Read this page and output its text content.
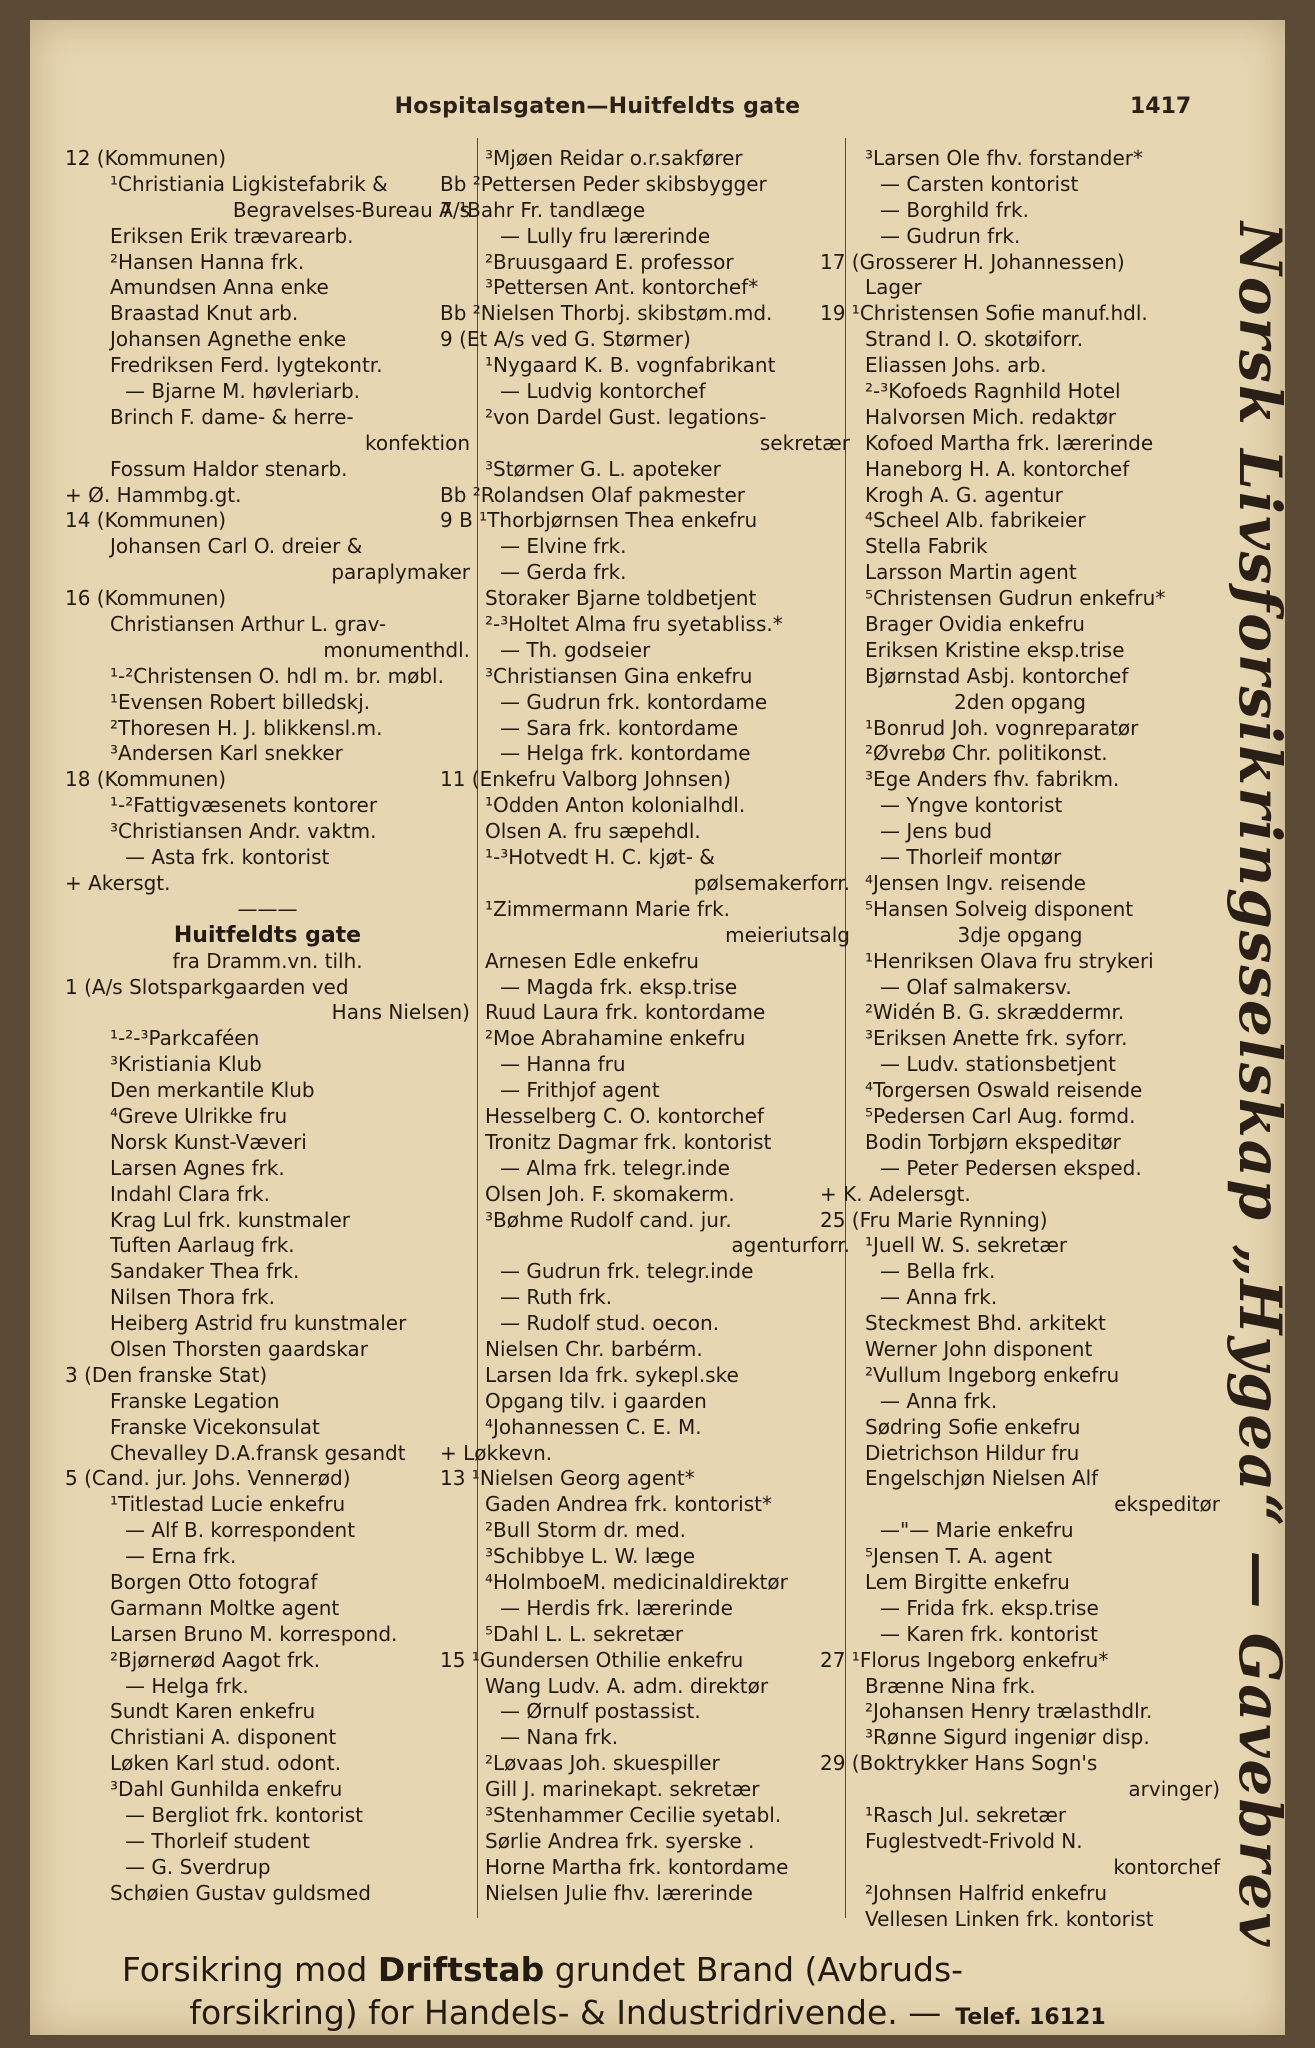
Hospitalsgaten—Huitfeldts gate	1417
12 (Kommunen)
¹Christiania Ligkistefabrik &
Begravelses-Bureau A/s
Eriksen Erik trævarearb.
²Hansen Hanna frk.
Amundsen Anna enke
Braastad Knut arb.
Johansen Agnethe enke
Fredriksen Ferd. lygtekontr.
— Bjarne M. høvleriarb.
Brinch F. dame- & herre-
konfektion
Fossum Haldor stenarb.
+ Ø. Hammbg.gt.
14 (Kommunen)
Johansen Carl O. dreier &
paraplymaker
16 (Kommunen)
Christiansen Arthur L. grav-
monumenthdl.
¹-²Christensen O. hdl m. br. møbl.
¹Evensen Robert billedskj.
²Thoresen H. J. blikkensl.m.
³Andersen Karl snekker
18 (Kommunen)
¹-²Fattigvæsenets kontorer
³Christiansen Andr. vaktm.
— Asta frk. kontorist
+ Akersgt.
———
Huitfeldts gate
fra Dramm.vn. tilh.
1 (A/s Slotsparkgaarden ved
Hans Nielsen)
¹-²-³Parkcaféen
³Kristiania Klub
Den merkantile Klub
⁴Greve Ulrikke fru
Norsk Kunst-Væveri
Larsen Agnes frk.
Indahl Clara frk.
Krag Lul frk. kunstmaler
Tuften Aarlaug frk.
Sandaker Thea frk.
Nilsen Thora frk.
Heiberg Astrid fru kunstmaler
Olsen Thorsten gaardskar
3 (Den franske Stat)
Franske Legation
Franske Vicekonsulat
Chevalley D.A.fransk gesandt
5 (Cand. jur. Johs. Vennerød)
¹Titlestad Lucie enkefru
— Alf B. korrespondent
— Erna frk.
Borgen Otto fotograf
Garmann Moltke agent
Larsen Bruno M. korrespond.
²Bjørnerød Aagot frk.
— Helga frk.
Sundt Karen enkefru
Christiani A. disponent
Løken Karl stud. odont.
³Dahl Gunhilda enkefru
— Bergliot frk. kontorist
— Thorleif student
— G. Sverdrup
Schøien Gustav guldsmed
³Mjøen Reidar o.r.sakfører
Bb ²Pettersen Peder skibsbygger
7 ¹Bahr Fr. tandlæge
— Lully fru lærerinde
²Bruusgaard E. professor
³Pettersen Ant. kontorchef*
Bb ²Nielsen Thorbj. skibstøm.md.
9 (Et A/s ved G. Størmer)
¹Nygaard K. B. vognfabrikant
— Ludvig kontorchef
²von Dardel Gust. legations-
sekretær
³Størmer G. L. apoteker
Bb ²Rolandsen Olaf pakmester
9 B ¹Thorbjørnsen Thea enkefru
— Elvine frk.
— Gerda frk.
Storaker Bjarne toldbetjent
²-³Holtet Alma fru syetabliss.*
— Th. godseier
³Christiansen Gina enkefru
— Gudrun frk. kontordame
— Sara frk. kontordame
— Helga frk. kontordame
11 (Enkefru Valborg Johnsen)
¹Odden Anton kolonialhdl.
Olsen A. fru sæpehdl.
¹-³Hotvedt H. C. kjøt- &
pølsemakerforr.
¹Zimmermann Marie frk.
meieriutsalg
Arnesen Edle enkefru
— Magda frk. eksp.trise
Ruud Laura frk. kontordame
²Moe Abrahamine enkefru
— Hanna fru
— Frithjof agent
Hesselberg C. O. kontorchef
Tronitz Dagmar frk. kontorist
— Alma frk. telegr.inde
Olsen Joh. F. skomakerm.
³Bøhme Rudolf cand. jur.
agenturforr.
— Gudrun frk. telegr.inde
— Ruth frk.
— Rudolf stud. oecon.
Nielsen Chr. barbérm.
Larsen Ida frk. sykepl.ske
Opgang tilv. i gaarden
⁴Johannessen C. E. M.
+ Løkkevn.
13 ¹Nielsen Georg agent*
Gaden Andrea frk. kontorist*
²Bull Storm dr. med.
³Schibbye L. W. læge
⁴HolmboeM. medicinaldirektør
— Herdis frk. lærerinde
⁵Dahl L. L. sekretær
15 ¹Gundersen Othilie enkefru
Wang Ludv. A. adm. direktør
— Ørnulf postassist.
— Nana frk.
²Løvaas Joh. skuespiller
Gill J. marinekapt. sekretær
³Stenhammer Cecilie syetabl.
Sørlie Andrea frk. syerske .
Horne Martha frk. kontordame
Nielsen Julie fhv. lærerinde
³Larsen Ole fhv. forstander*
— Carsten kontorist
— Borghild frk.
— Gudrun frk.
17 (Grosserer H. Johannessen)
Lager
19 ¹Christensen Sofie manuf.hdl.
Strand I. O. skotøiforr.
Eliassen Johs. arb.
²-³Kofoeds Ragnhild Hotel
Halvorsen Mich. redaktør
Kofoed Martha frk. lærerinde
Haneborg H. A. kontorchef
Krogh A. G. agentur
⁴Scheel Alb. fabrikeier
Stella Fabrik
Larsson Martin agent
⁵Christensen Gudrun enkefru*
Brager Ovidia enkefru
Eriksen Kristine eksp.trise
Bjørnstad Asbj. kontorchef
2den opgang
¹Bonrud Joh. vognreparatør
²Øvrebø Chr. politikonst.
³Ege Anders fhv. fabrikm.
— Yngve kontorist
— Jens bud
— Thorleif montør
⁴Jensen Ingv. reisende
⁵Hansen Solveig disponent
3dje opgang
¹Henriksen Olava fru strykeri
— Olaf salmakersv.
²Widén B. G. skræddermr.
³Eriksen Anette frk. syforr.
— Ludv. stationsbetjent
⁴Torgersen Oswald reisende
⁵Pedersen Carl Aug. formd.
Bodin Torbjørn ekspeditør
— Peter Pedersen eksped.
+ K. Adelersgt.
25 (Fru Marie Rynning)
¹Juell W. S. sekretær
— Bella frk.
— Anna frk.
Steckmest Bhd. arkitekt
Werner John disponent
²Vullum Ingeborg enkefru
— Anna frk.
Sødring Sofie enkefru
Dietrichson Hildur fru
Engelschjøn Nielsen Alf
ekspeditør
—"— Marie enkefru
⁵Jensen T. A. agent
Lem Birgitte enkefru
— Frida frk. eksp.trise
— Karen frk. kontorist
27 ¹Florus Ingeborg enkefru*
Brænne Nina frk.
²Johansen Henry trælasthdlr.
³Rønne Sigurd ingeniør disp.
29 (Boktrykker Hans Sogn's
arvinger)
¹Rasch Jul. sekretær
Fuglestvedt-Frivold N.
kontorchef
²Johnsen Halfrid enkefru
Vellesen Linken frk. kontorist	Norsk Livsforsikringsselskap „Hygea“ — Gavebrev
Forsikring mod Driftstab grundet Brand (Avbruds-
forsikring) for Handels- & Industridrivende. — Telef. 16121
